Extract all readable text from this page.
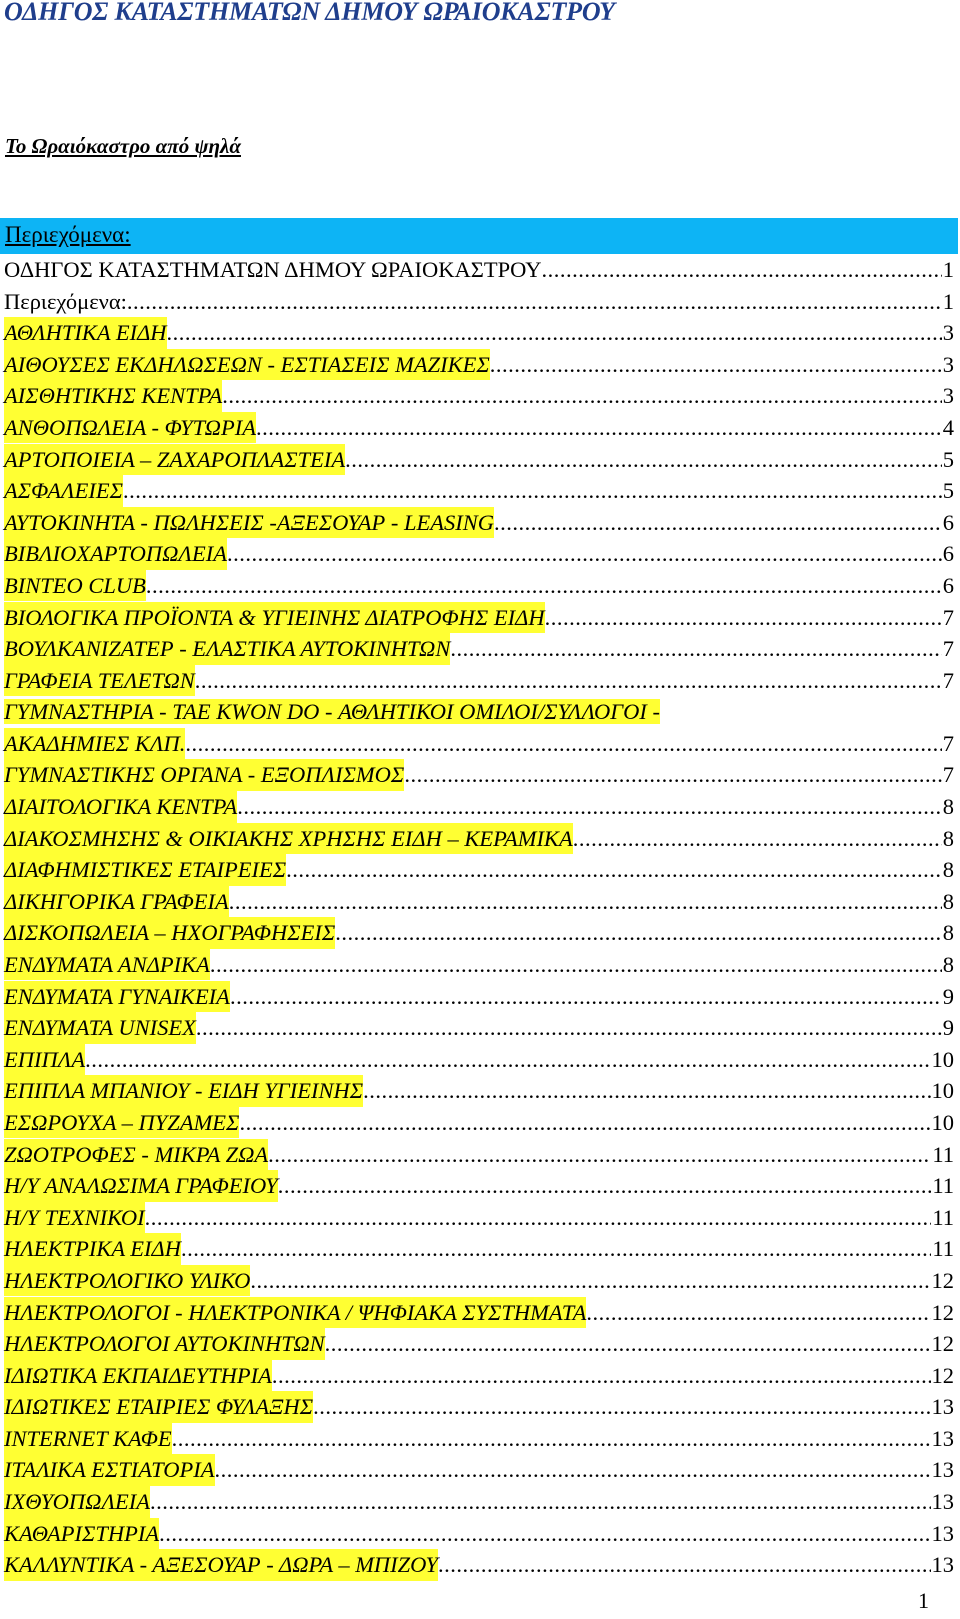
ΟΔΗΓΟΣ ΚΑΤΑΣΤΗΜΑΤΩΝ ΔΗΜΟΥ ΩΡΑΙΟΚΑΣΤΡΟΥ

Το Ωραιόκαστρο από ψηλά

Περιεχόμενα:
ΟΔΗΓΟΣ ΚΑΤΑΣΤΗΜΑΤΩΝ ΔΗΜΟΥ ΩΡΑΙΟΚΑΣΤΡΟΥ .....	1
Περιεχόμενα: .....	1
ΑΘΛΗΤΙΚΑ ΕΙΔΗ .....	3
ΑΙΘΟΥΣΕΣ ΕΚΔΗΛΩΣΕΩΝ - ΕΣΤΙΑΣΕΙΣ ΜΑΖΙΚΕΣ .....	3
ΑΙΣΘΗΤΙΚΗΣ ΚΕΝΤΡΑ .....	3
ΑΝΘΟΠΩΛΕΙΑ - ΦΥΤΩΡΙΑ .....	4
ΑΡΤΟΠΟΙΕΙΑ – ΖΑΧΑΡΟΠΛΑΣΤΕΙΑ .....	5
ΑΣΦΑΛΕΙΕΣ .....	5
ΑΥΤΟΚΙΝΗΤΑ - ΠΩΛΗΣΕΙΣ -ΑΞΕΣΟΥΑΡ - LEASING .....	6
ΒΙΒΛΙΟΧΑΡΤΟΠΩΛΕΙΑ .....	6
ΒΙΝΤΕΟ CLUB .....	6
ΒΙΟΛΟΓΙΚΑ ΠΡΟΪΟΝΤΑ & ΥΓΙΕΙΝΗΣ ΔΙΑΤΡΟΦΗΣ ΕΙΔΗ .....	7
ΒΟΥΛΚΑΝΙΖΑΤΕΡ - ΕΛΑΣΤΙΚΑ ΑΥΤΟΚΙΝΗΤΩΝ .....	7
ΓΡΑΦΕΙΑ ΤΕΛΕΤΩΝ .....	7
ΓΥΜΝΑΣΤΗΡΙΑ - TAE KWON DO - ΑΘΛΗΤΙΚΟΙ ΟΜΙΛΟΙ/ΣΥΛΛΟΓΟΙ -
ΑΚΑΔΗΜΙΕΣ ΚΛΠ. .....	7
ΓΥΜΝΑΣΤΙΚΗΣ ΟΡΓΑΝΑ - ΕΞΟΠΛΙΣΜΟΣ .....	7
ΔΙΑΙΤΟΛΟΓΙΚΑ ΚΕΝΤΡΑ .....	8
ΔΙΑΚΟΣΜΗΣΗΣ & ΟΙΚΙΑΚΗΣ ΧΡΗΣΗΣ ΕΙΔΗ – ΚΕΡΑΜΙΚΑ .....	8
ΔΙΑΦΗΜΙΣΤΙΚΕΣ ΕΤΑΙΡΕΙΕΣ .....	8
ΔΙΚΗΓΟΡΙΚΑ ΓΡΑΦΕΙΑ .....	8
ΔΙΣΚΟΠΩΛΕΙΑ – ΗΧΟΓΡΑΦΗΣΕΙΣ .....	8
ΕΝΔΥΜΑΤΑ ΑΝΔΡΙΚΑ .....	8
ΕΝΔΥΜΑΤΑ ΓΥΝΑΙΚΕΙΑ .....	9
ΕΝΔΥΜΑΤΑ UNISEX .....	9
ΕΠΙΠΛΑ .....	10
ΕΠΙΠΛΑ ΜΠΑΝΙΟΥ - ΕΙΔΗ ΥΓΙΕΙΝΗΣ .....	10
ΕΣΩΡΟΥΧΑ – ΠΥΖΑΜΕΣ .....	10
ΖΩΟΤΡΟΦΕΣ - ΜΙΚΡΑ ΖΩΑ .....	11
Η/Υ ΑΝΑΛΩΣΙΜΑ ΓΡΑΦΕΙΟΥ .....	11
Η/Υ ΤΕΧΝΙΚΟΙ .....	11
ΗΛΕΚΤΡΙΚΑ ΕΙΔΗ .....	11
ΗΛΕΚΤΡΟΛΟΓΙΚΟ ΥΛΙΚΟ .....	12
ΗΛΕΚΤΡΟΛΟΓΟΙ - ΗΛΕΚΤΡΟΝΙΚΑ / ΨΗΦΙΑΚΑ ΣΥΣΤΗΜΑΤΑ .....	12
ΗΛΕΚΤΡΟΛΟΓΟΙ ΑΥΤΟΚΙΝΗΤΩΝ .....	12
ΙΔΙΩΤΙΚΑ ΕΚΠΑΙΔΕΥΤΗΡΙΑ .....	12
ΙΔΙΩΤΙΚΕΣ ΕΤΑΙΡΙΕΣ ΦΥΛΑΞΗΣ .....	13
INTERNET ΚΑΦΕ .....	13
ΙΤΑΛΙΚΑ ΕΣΤΙΑΤΟΡΙΑ .....	13
ΙΧΘΥΟΠΩΛΕΙΑ .....	13
ΚΑΘΑΡΙΣΤΗΡΙΑ .....	13
ΚΑΛΛΥΝΤΙΚΑ - ΑΞΕΣΟΥΑΡ - ΔΩΡΑ – ΜΠΙΖΟΥ .....	13
1
